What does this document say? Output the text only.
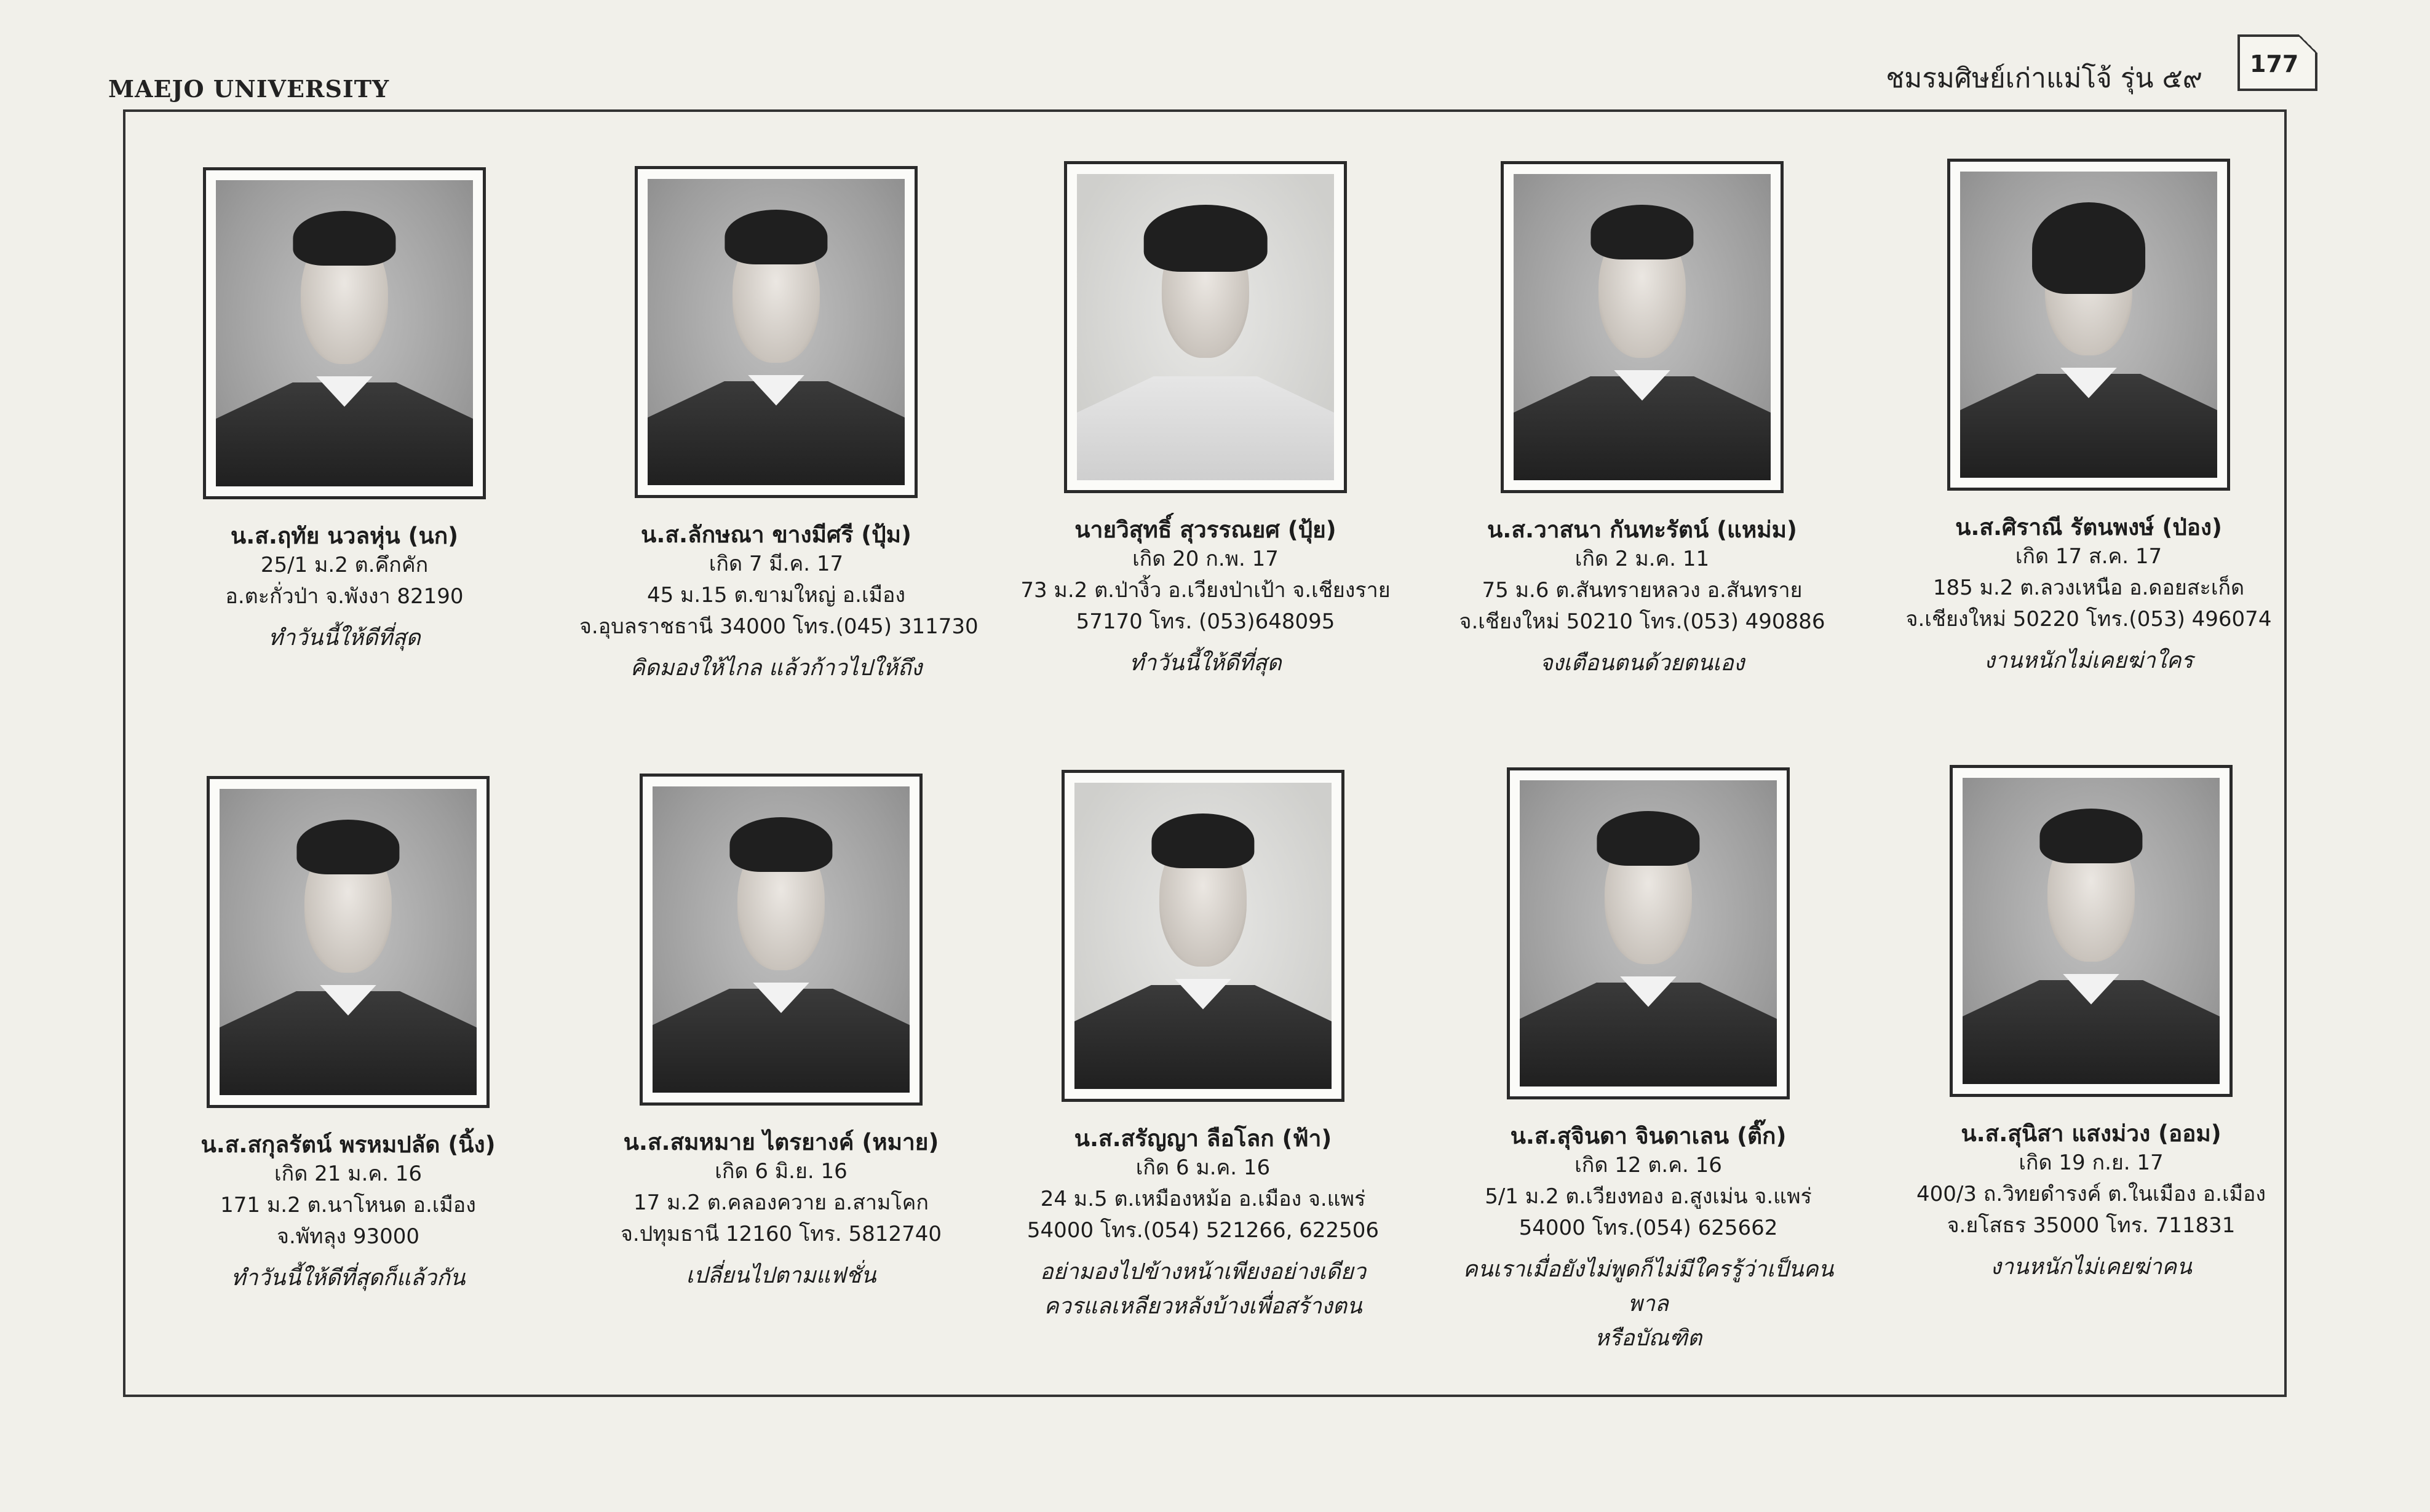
MAEJO UNIVERSITY	ชมรมศิษย์เก่าแม่โจ้ รุ่น ๕๙ 177
น.ส.ฤทัย นวลหุ่น (นก)
25/1 ม.2 ต.คึกคัก
อ.ตะกั่วป่า จ.พังงา 82190
ทำวันนี้ให้ดีที่สุด
น.ส.ลักษณา ขางมีศรี (ปุ้ม)
เกิด 7 มี.ค. 17
45 ม.15 ต.ขามใหญ่ อ.เมือง
จ.อุบลราชธานี 34000 โทร.(045) 311730
คิดมองให้ไกล แล้วก้าวไปให้ถึง
นายวิสุทธิ์ สุวรรณยศ (ปุ้ย)
เกิด 20 ก.พ. 17
73 ม.2 ต.ป่างิ้ว อ.เวียงป่าเป้า จ.เชียงราย
57170 โทร. (053)648095
ทำวันนี้ให้ดีที่สุด
น.ส.วาสนา กันทะรัตน์ (แหม่ม)
เกิด 2 ม.ค. 11
75 ม.6 ต.สันทรายหลวง อ.สันทราย
จ.เชียงใหม่ 50210 โทร.(053) 490886
จงเตือนตนด้วยตนเอง
น.ส.ศิราณี รัตนพงษ์ (ป่อง)
เกิด 17 ส.ค. 17
185 ม.2 ต.ลวงเหนือ อ.ดอยสะเก็ด
จ.เชียงใหม่ 50220 โทร.(053) 496074
งานหนักไม่เคยฆ่าใคร
น.ส.สกุลรัตน์ พรหมปลัด (นิ้ง)
เกิด 21 ม.ค. 16
171 ม.2 ต.นาโหนด อ.เมือง
จ.พัทลุง 93000
ทำวันนี้ให้ดีที่สุดก็แล้วกัน
น.ส.สมหมาย ไตรยางค์ (หมาย)
เกิด 6 มิ.ย. 16
17 ม.2 ต.คลองควาย อ.สามโคก
จ.ปทุมธานี 12160 โทร. 5812740
เปลี่ยนไปตามแฟชั่น
น.ส.สรัญญา ลือโลก (ฟ้า)
เกิด 6 ม.ค. 16
24 ม.5 ต.เหมืองหม้อ อ.เมือง จ.แพร่
54000 โทร.(054) 521266, 622506
อย่ามองไปข้างหน้าเพียงอย่างเดียว
ควรแลเหลียวหลังบ้างเพื่อสร้างตน
น.ส.สุจินดา จินดาเลน (ติ๊ก)
เกิด 12 ต.ค. 16
5/1 ม.2 ต.เวียงทอง อ.สูงเม่น จ.แพร่
54000 โทร.(054) 625662
คนเราเมื่อยังไม่พูดก็ไม่มีใครรู้ว่าเป็นคนพาล
หรือบัณฑิต
น.ส.สุนิสา แสงม่วง (ออม)
เกิด 19 ก.ย. 17
400/3 ถ.วิทยดำรงค์ ต.ในเมือง อ.เมือง
จ.ยโสธร 35000 โทร. 711831
งานหนักไม่เคยฆ่าคน
